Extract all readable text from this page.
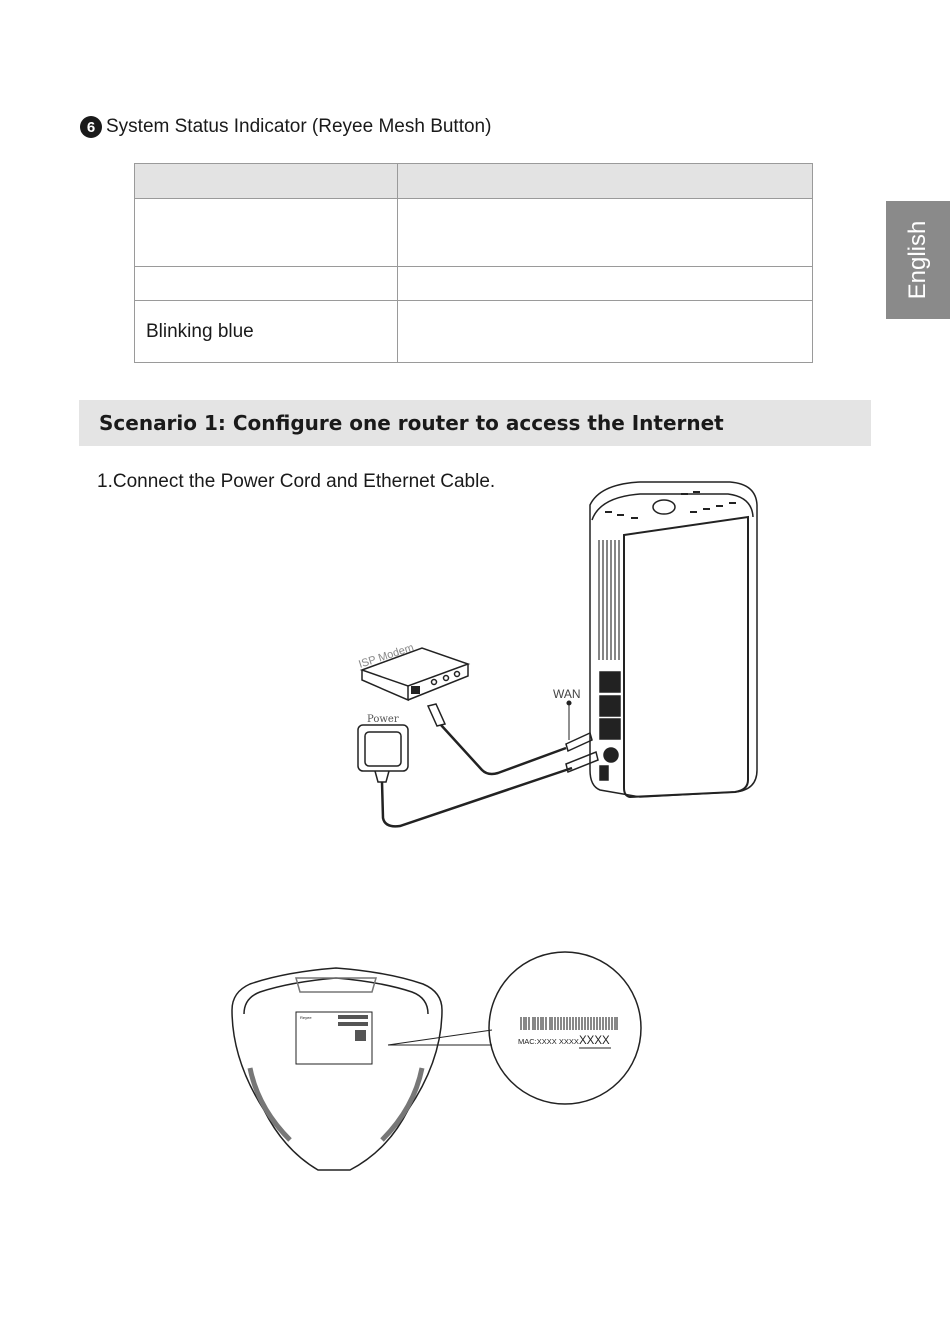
6 System Status Indicator (Reyee Mesh Button)

Blinking blue	
English
Scenario 1: Configure one router to access the Internet
1.Connect the Power Cord and Ethernet Cable.
ISP Modem
Power
WAN
Reyee
MAC:XXXX XXXX XXXX
